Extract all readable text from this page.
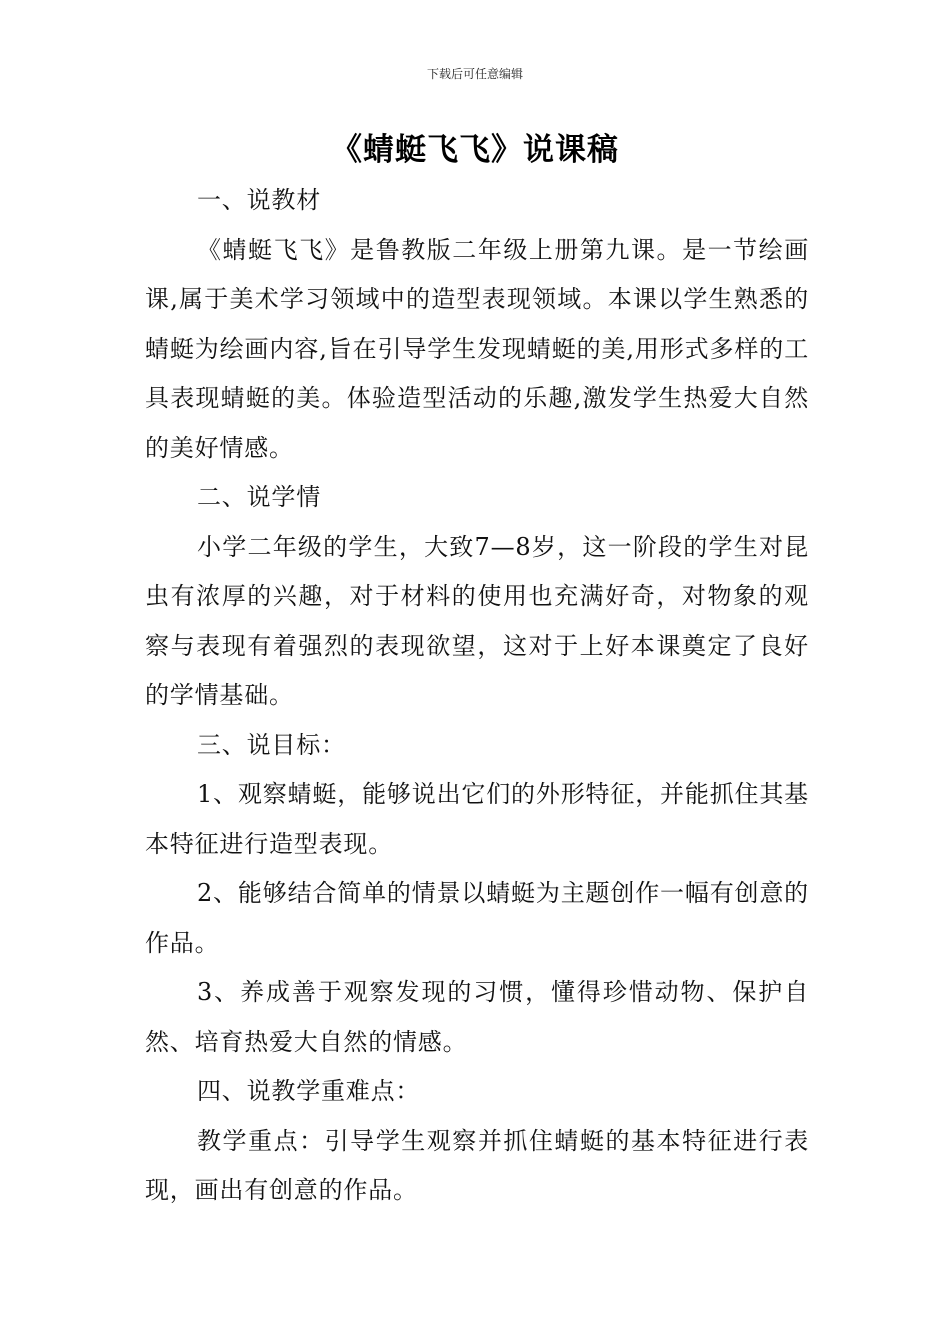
下载后可任意编辑
《蜻蜓飞飞》说课稿

一、说教材

《蜻蜓飞飞》是鲁教版二年级上册第九课。是一节绘画课,属于美术学习领域中的造型表现领域。本课以学生熟悉的蜻蜓为绘画内容,旨在引导学生发现蜻蜓的美,用形式多样的工具表现蜻蜓的美。体验造型活动的乐趣,激发学生热爱大自然的美好情感。

二、说学情

小学二年级的学生，大致7—8岁，这一阶段的学生对昆虫有浓厚的兴趣，对于材料的使用也充满好奇，对物象的观察与表现有着强烈的表现欲望，这对于上好本课奠定了良好的学情基础。

三、说目标：

1、观察蜻蜓，能够说出它们的外形特征，并能抓住其基本特征进行造型表现。

2、能够结合简单的情景以蜻蜓为主题创作一幅有创意的作品。

3、养成善于观察发现的习惯，懂得珍惜动物、保护自然、培育热爱大自然的情感。

四、说教学重难点：

教学重点：引导学生观察并抓住蜻蜓的基本特征进行表现，画出有创意的作品。
